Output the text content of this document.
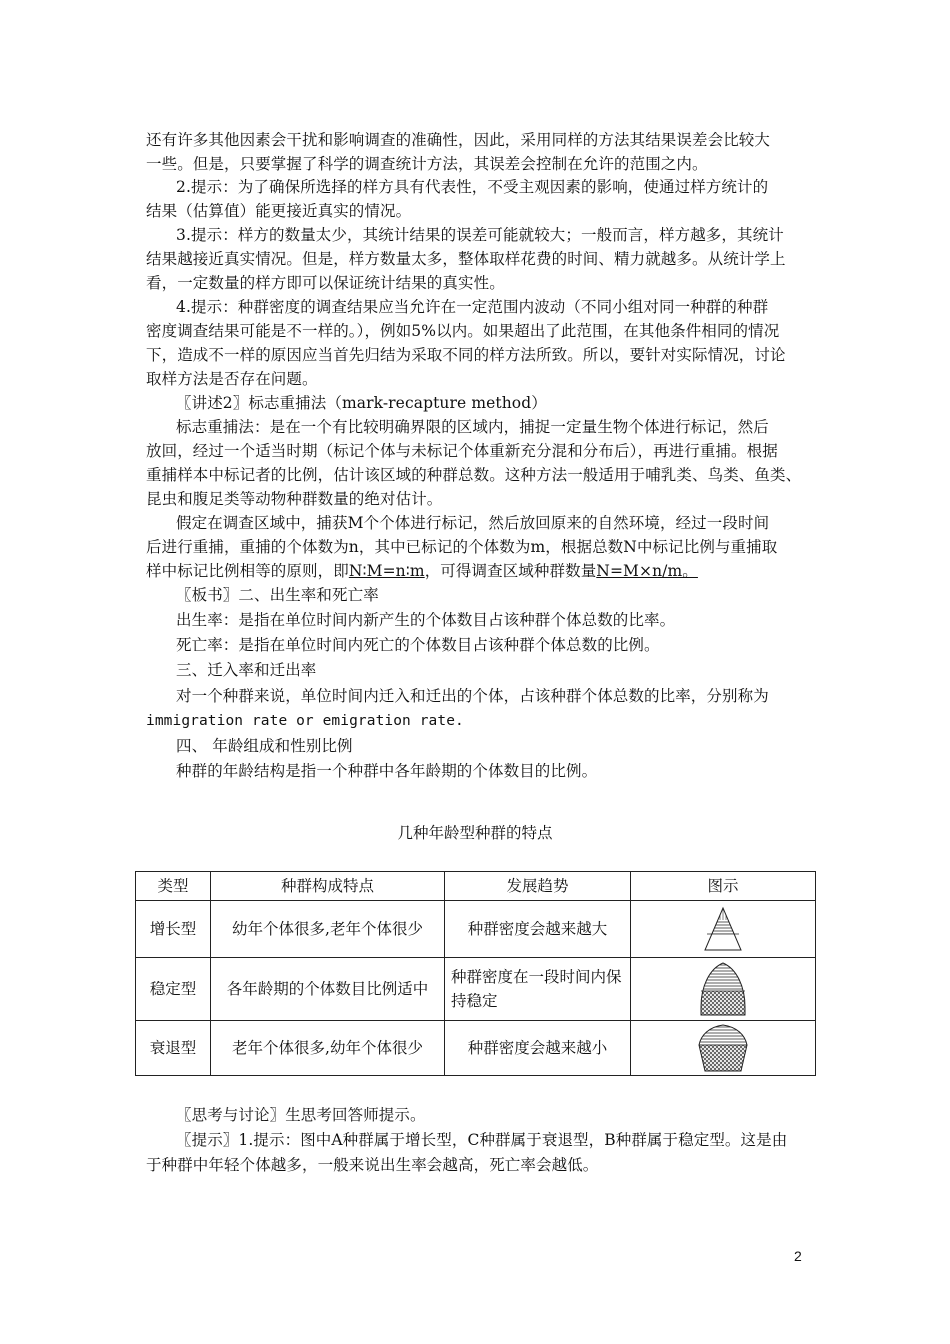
还有许多其他因素会干扰和影响调查的准确性，因此，采用同样的方法其结果误差会比较大
一些。但是，只要掌握了科学的调查统计方法，其误差会控制在允许的范围之内。
2.提示：为了确保所选择的样方具有代表性，不受主观因素的影响，使通过样方统计的
结果（估算值）能更接近真实的情况。
3.提示：样方的数量太少，其统计结果的误差可能就较大；一般而言，样方越多，其统计
结果越接近真实情况。但是，样方数量太多，整体取样花费的时间、精力就越多。从统计学上
看，一定数量的样方即可以保证统计结果的真实性。
4.提示：种群密度的调查结果应当允许在一定范围内波动（不同小组对同一种群的种群
密度调查结果可能是不一样的。），例如5%以内。如果超出了此范围，在其他条件相同的情况
下，造成不一样的原因应当首先归结为采取不同的样方法所致。所以，要针对实际情况，讨论
取样方法是否存在问题。
〖讲述2〗标志重捕法（mark-recapture method）
标志重捕法：是在一个有比较明确界限的区域内，捕捉一定量生物个体进行标记，然后
放回，经过一个适当时期（标记个体与未标记个体重新充分混和分布后），再进行重捕。根据
重捕样本中标记者的比例，估计该区域的种群总数。这种方法一般适用于哺乳类、鸟类、鱼类、
昆虫和腹足类等动物种群数量的绝对估计。
假定在调查区域中，捕获M个个体进行标记，然后放回原来的自然环境，经过一段时间
后进行重捕，重捕的个体数为n，其中已标记的个体数为m，根据总数N中标记比例与重捕取
样中标记比例相等的原则，即N∶M=n∶m，可得调查区域种群数量N=M×n/m。
〖板书〗二、出生率和死亡率
出生率：是指在单位时间内新产生的个体数目占该种群个体总数的比率。
死亡率：是指在单位时间内死亡的个体数目占该种群个体总数的比例。
三、迁入率和迁出率
对一个种群来说，单位时间内迁入和迁出的个体，占该种群个体总数的比率，分别称为
immigration rate or emigration rate.
四、 年龄组成和性别比例
种群的年龄结构是指一个种群中各年龄期的个体数目的比例。
几种年龄型种群的特点
类型	种群构成特点	发展趋势	图示
增长型	幼年个体很多,老年个体很少	种群密度会越来越大	

稳定型	各年龄期的个体数目比例适中	种群密度在一段时间内保持稳定	

衰退型	老年个体很多,幼年个体很少	种群密度会越来越小	
〖思考与讨论〗生思考回答师提示。
〖提示〗1.提示：图中A种群属于增长型，C种群属于衰退型，B种群属于稳定型。这是由
于种群中年轻个体越多，一般来说出生率会越高，死亡率会越低。
2
